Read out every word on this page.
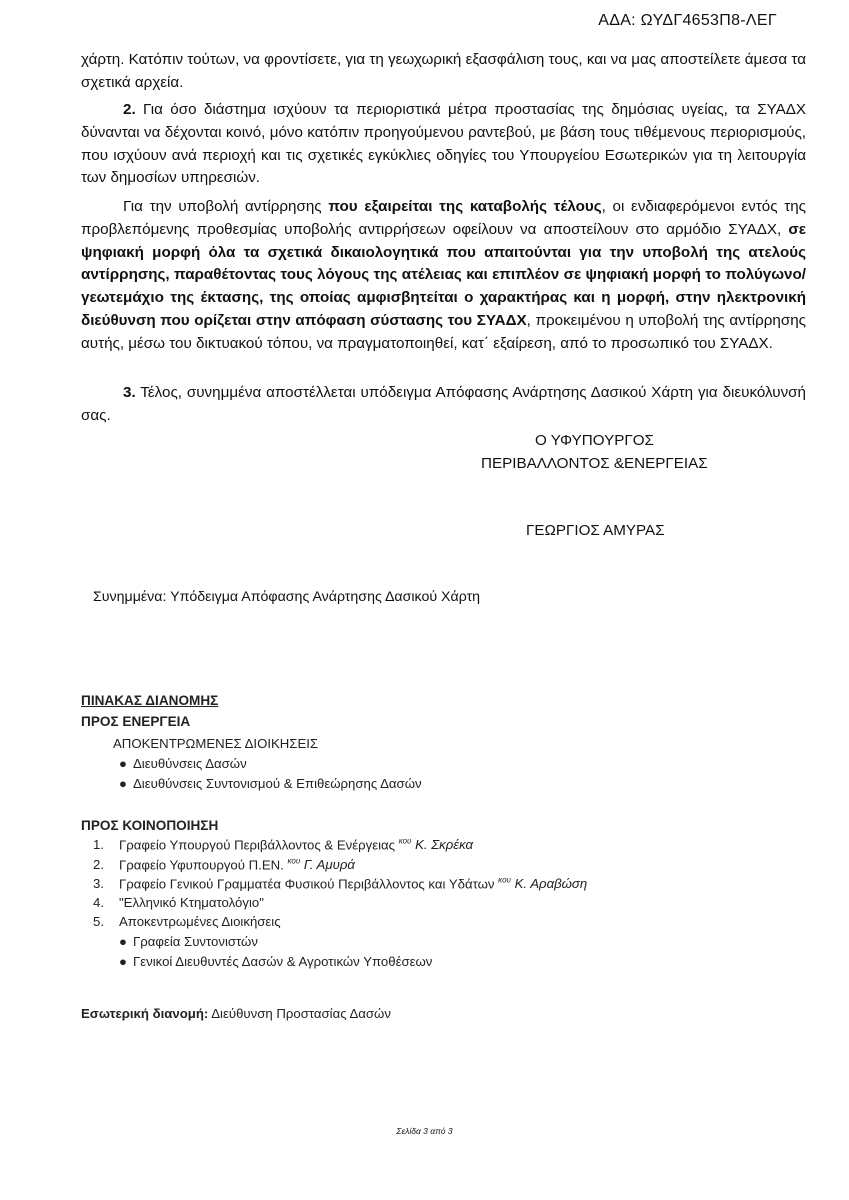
ΑΔΑ: ΩΥΔΓ4653Π8-ΛΕΓ

χάρτη. Κατόπιν τούτων, να φροντίσετε, για τη γεωχωρική εξασφάλιση τους, και να μας αποστείλετε άμεσα τα σχετικά αρχεία.

2. Για όσο διάστημα ισχύουν τα περιοριστικά μέτρα προστασίας της δημόσιας υγείας, τα ΣΥΑΔΧ δύνανται να δέχονται κοινό, μόνο κατόπιν προηγούμενου ραντεβού, με βάση τους τιθέμενους περιορισμούς, που ισχύουν ανά περιοχή και τις σχετικές εγκύκλιες οδηγίες του Υπουργείου Εσωτερικών για τη λειτουργία των δημοσίων υπηρεσιών.

Για την υποβολή αντίρρησης που εξαιρείται της καταβολής τέλους, οι ενδιαφερόμενοι εντός της προβλεπόμενης προθεσμίας υποβολής αντιρρήσεων οφείλουν να αποστείλουν στο αρμόδιο ΣΥΑΔΧ, σε ψηφιακή μορφή όλα τα σχετικά δικαιολογητικά που απαιτούνται για την υποβολή της ατελούς αντίρρησης, παραθέτοντας τους λόγους της ατέλειας και επιπλέον σε ψηφιακή μορφή το πολύγωνο/γεωτεμάχιο της έκτασης, της οποίας αμφισβητείται ο χαρακτήρας και η μορφή, στην ηλεκτρονική διεύθυνση που ορίζεται στην απόφαση σύστασης του ΣΥΑΔΧ, προκειμένου η υποβολή της αντίρρησης αυτής, μέσω του δικτυακού τόπου, να πραγματοποιηθεί, κατ΄ εξαίρεση, από το προσωπικό του ΣΥΑΔΧ.

3. Τέλος, συνημμένα αποστέλλεται υπόδειγμα Απόφασης Ανάρτησης Δασικού Χάρτη για διευκόλυνσή σας.

Ο ΥΦΥΠΟΥΡΓΟΣ
ΠΕΡΙΒΑΛΛΟΝΤΟΣ &ΕΝΕΡΓΕΙΑΣ
ΓΕΩΡΓΙΟΣ ΑΜΥΡΑΣ
Συνημμένα: Υπόδειγμα Απόφασης Ανάρτησης Δασικού Χάρτη
ΠΙΝΑΚΑΣ ΔΙΑΝΟΜΗΣ
ΠΡΟΣ ΕΝΕΡΓΕΙΑ
ΑΠΟΚΕΝΤΡΩΜΕΝΕΣ ΔΙΟΙΚΗΣΕΙΣ
● Διευθύνσεις Δασών
● Διευθύνσεις Συντονισμού & Επιθεώρησης Δασών
ΠΡΟΣ ΚΟΙΝΟΠΟΙΗΣΗ
1. Γραφείο Υπουργού Περιβάλλοντος & Ενέργειας $^{\kappa o\upsilon}$ Κ. Σκρέκα
2. Γραφείο Υφυπουργού Π.ΕΝ. $^{\kappa o\upsilon}$ Γ. Αμυρά
3. Γραφείο Γενικού Γραμματέα Φυσικού Περιβάλλοντος και Υδάτων $^{\kappa o\upsilon}$ Κ. Αραβώση
4. "Ελληνικό Κτηματολόγιο"
5. Αποκεντρωμένες Διοικήσεις
● Γραφεία Συντονιστών
● Γενικοί Διευθυντές Δασών & Αγροτικών Υποθέσεων
Εσωτερική διανομή: Διεύθυνση Προστασίας Δασών
Σελίδα 3 από 3
